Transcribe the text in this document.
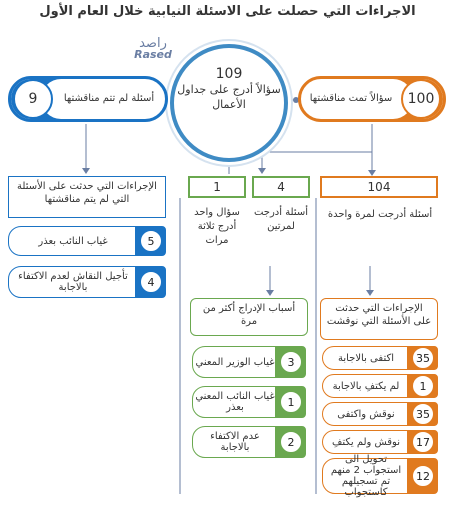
الاجراءات التي حصلت على الاسئلة النيابية خلال العام الأول
راصد
Rased
109
سؤالاً أدرج على جداول الأعمال
9	أسئلة لم تتم مناقشتها	100
سؤالاً تمت مناقشتها
الإجراءات التي حدثت على الأسئلة التي لم يتم مناقشتها
5
غياب النائب بعذر
4
تأجيل النقاش لعدم الاكتفاء بالاجابة
1	4
سؤال واحد أدرج ثلاثة مرات
أسئلة أدرجت لمرتين
أسباب الإدراج أكثر من مرة
3
غياب الوزير المعني
1
غياب النائب المعني بعذر
2
عدم الاكتفاء بالاجابة
104
أسئلة أدرجت لمرة واحدة
الإجراءات التي حدثت على الأسئلة التي نوقشت
35
اكتفى بالاجابة
1
لم يكتفِ بالاجابة
35
نوقش واكتفى
17
نوقش ولم يكتفِ
12
تحويل الى استجواب 2 منهم تم تسجيلهم كاستجواب
